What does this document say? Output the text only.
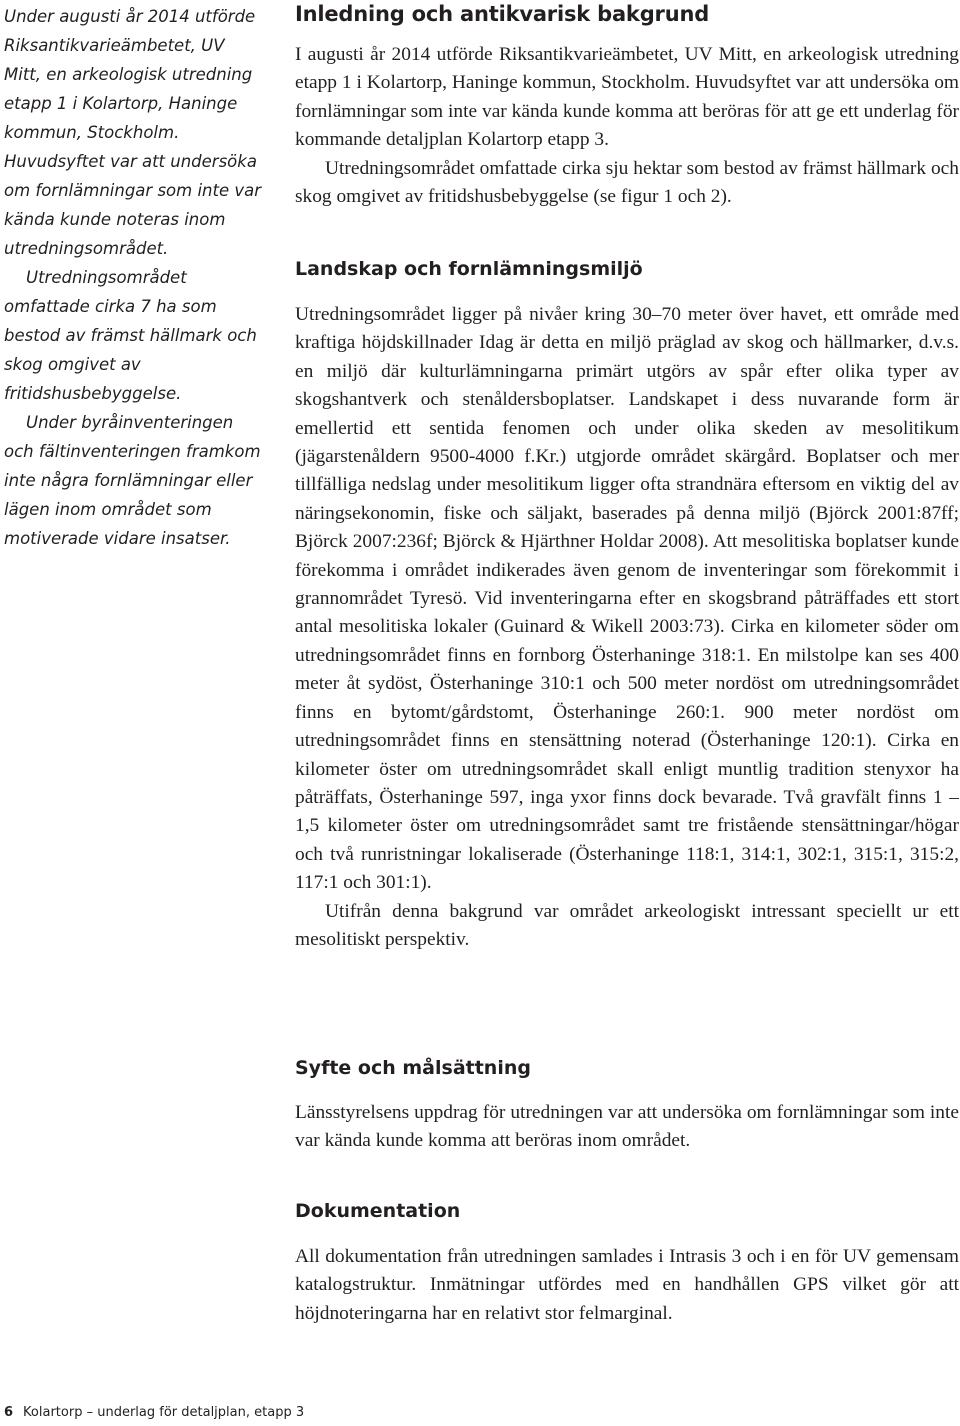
Under augusti år 2014 utförde Riksantikvarieämbetet, UV Mitt, en arkeologisk utredning etapp 1 i Kolartorp, Haninge kommun, Stockholm. Huvudsyftet var att undersöka om fornlämningar som inte var kända kunde noteras inom utredningsområdet.

Utredningsområdet omfattade cirka 7 ha som bestod av främst hällmark och skog omgivet av fritidshusbebyggelse.

Under byråinventeringen och fältinventeringen framkom inte några fornlämningar eller lägen inom området som motiverade vidare insatser.

Inledning och antikvarisk bakgrund

I augusti år 2014 utförde Riksantikvarieämbetet, UV Mitt, en arkeologisk utredning etapp 1 i Kolartorp, Haninge kommun, Stockholm. Huvudsyftet var att undersöka om fornlämningar som inte var kända kunde komma att beröras för att ge ett underlag för kommande detaljplan Kolartorp etapp 3.

Utredningsområdet omfattade cirka sju hektar som bestod av främst hällmark och skog omgivet av fritidshusbebyggelse (se figur 1 och 2).

Landskap och fornlämningsmiljö

Utredningsområdet ligger på nivåer kring 30–70 meter över havet, ett område med kraftiga höjdskillnader Idag är detta en miljö präglad av skog och hällmarker, d.v.s. en miljö där kulturlämningarna primärt utgörs av spår efter olika typer av skogshantverk och stenåldersboplatser. Landskapet i dess nuvarande form är emellertid ett sentida fenomen och under olika skeden av mesolitikum (jägarstenåldern 9500-4000 f.Kr.) utgjorde området skärgård. Boplatser och mer tillfälliga nedslag under mesolitikum ligger ofta strandnära eftersom en viktig del av näringsekonomin, fiske och säljakt, baserades på denna miljö (Björck 2001:87ff; Björck 2007:236f; Björck & Hjärthner Holdar 2008). Att mesolitiska boplatser kunde förekomma i området indikerades även genom de inventeringar som förekommit i grannområdet Tyresö. Vid inventeringarna efter en skogsbrand påträffades ett stort antal mesolitiska lokaler (Guinard & Wikell 2003:73). Cirka en kilometer söder om utredningsområdet finns en fornborg Österhaninge 318:1. En milstolpe kan ses 400 meter åt sydöst, Österhaninge 310:1 och 500 meter nordöst om utredningsområdet finns en bytomt/gårdstomt, Österhaninge 260:1. 900 meter nordöst om utredningsområdet finns en stensättning noterad (Österhaninge 120:1). Cirka en kilometer öster om utredningsområdet skall enligt muntlig tradition stenyxor ha påträffats, Österhaninge 597, inga yxor finns dock bevarade. Två gravfält finns 1 –1,5 kilometer öster om utredningsområdet samt tre fristående stensättningar/högar och två runristningar lokaliserade (Österhaninge 118:1, 314:1, 302:1, 315:1, 315:2, 117:1 och 301:1).

Utifrån denna bakgrund var området arkeologiskt intressant speciellt ur ett mesolitiskt perspektiv.

Syfte och målsättning

Länsstyrelsens uppdrag för utredningen var att undersöka om fornlämningar som inte var kända kunde komma att beröras inom området.

Dokumentation

All dokumentation från utredningen samlades i Intrasis 3 och i en för UV gemensam katalogstruktur. Inmätningar utfördes med en handhållen GPS vilket gör att höjdnoteringarna har en relativt stor felmarginal.

6 Kolartorp – underlag för detaljplan, etapp 3
